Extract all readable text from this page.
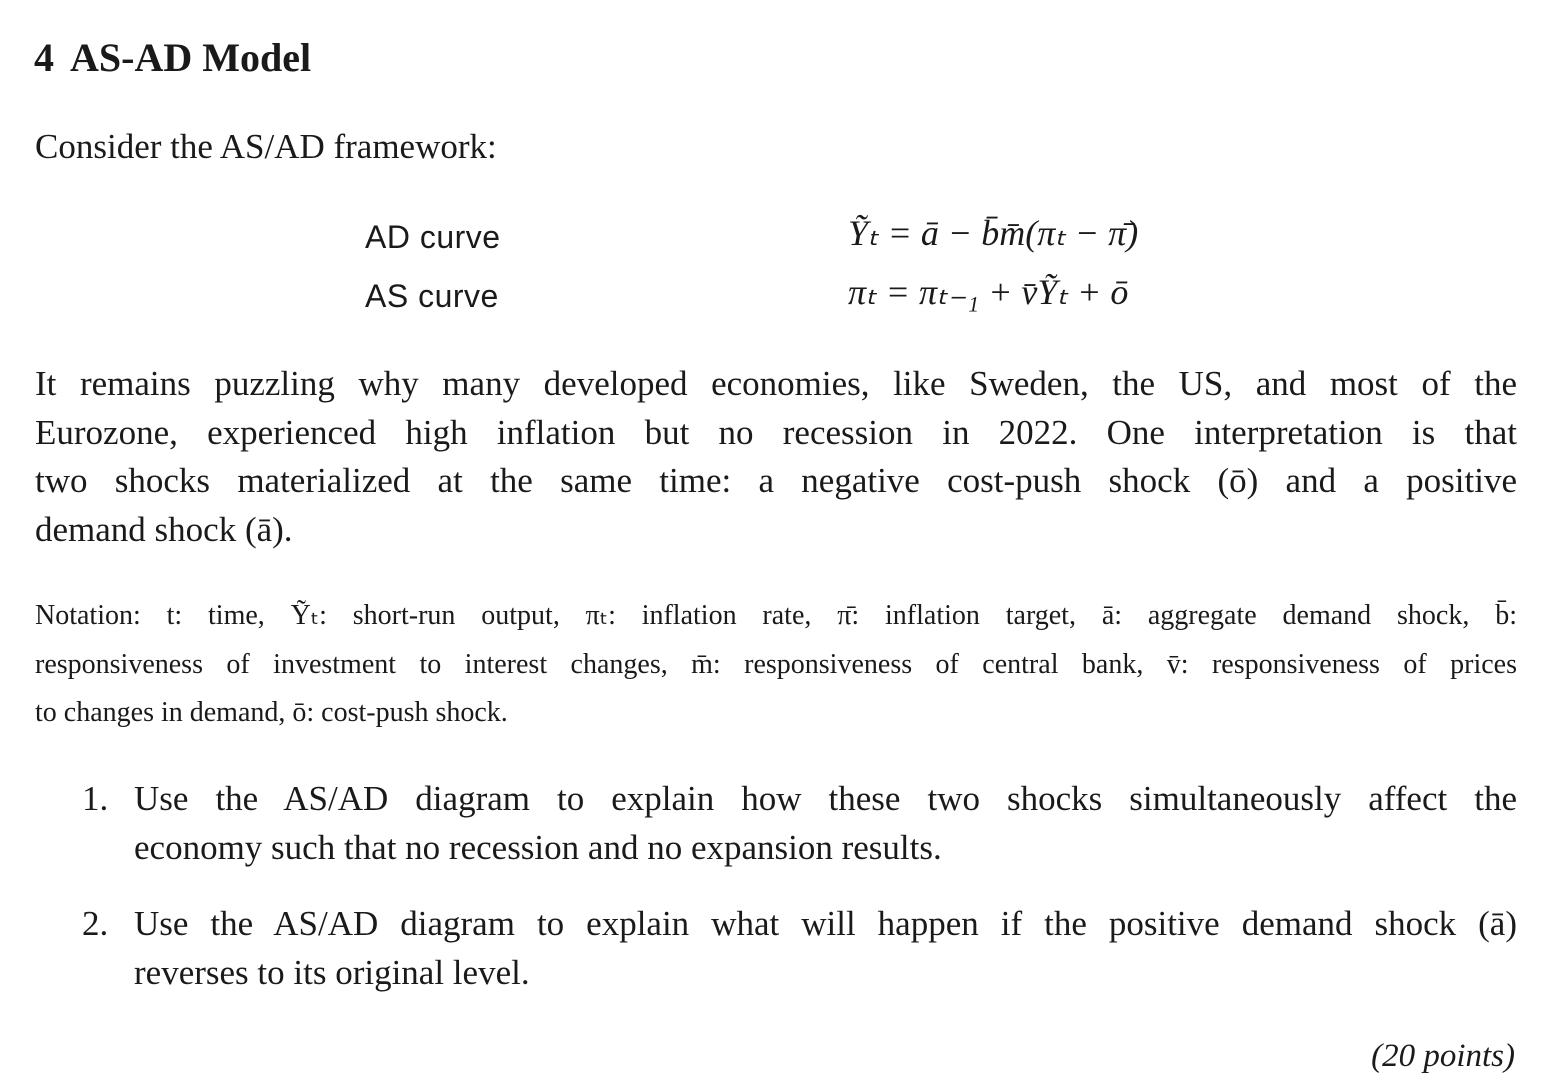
4 AS-AD Model
Consider the AS/AD framework:
AD curve	Ỹₜ = ā − b̄m̄(πₜ − π̄)
AS curve	πₜ = πₜ₋₁ + v̄Ỹₜ + ō
It remains puzzling why many developed economies, like Sweden, the US, and most of the
Eurozone, experienced high inflation but no recession in 2022. One interpretation is that
two shocks materialized at the same time: a negative cost-push shock (ō) and a positive
demand shock (ā).
Notation: t: time, Ỹₜ: short-run output, πₜ: inflation rate, π̄: inflation target, ā: aggregate demand shock, b̄:
responsiveness of investment to interest changes, m̄: responsiveness of central bank, v̄: responsiveness of prices
to changes in demand, ō: cost-push shock.
1. Use the AS/AD diagram to explain how these two shocks simultaneously affect the
economy such that no recession and no expansion results.
2. Use the AS/AD diagram to explain what will happen if the positive demand shock (ā)
reverses to its original level.
(20 points)
